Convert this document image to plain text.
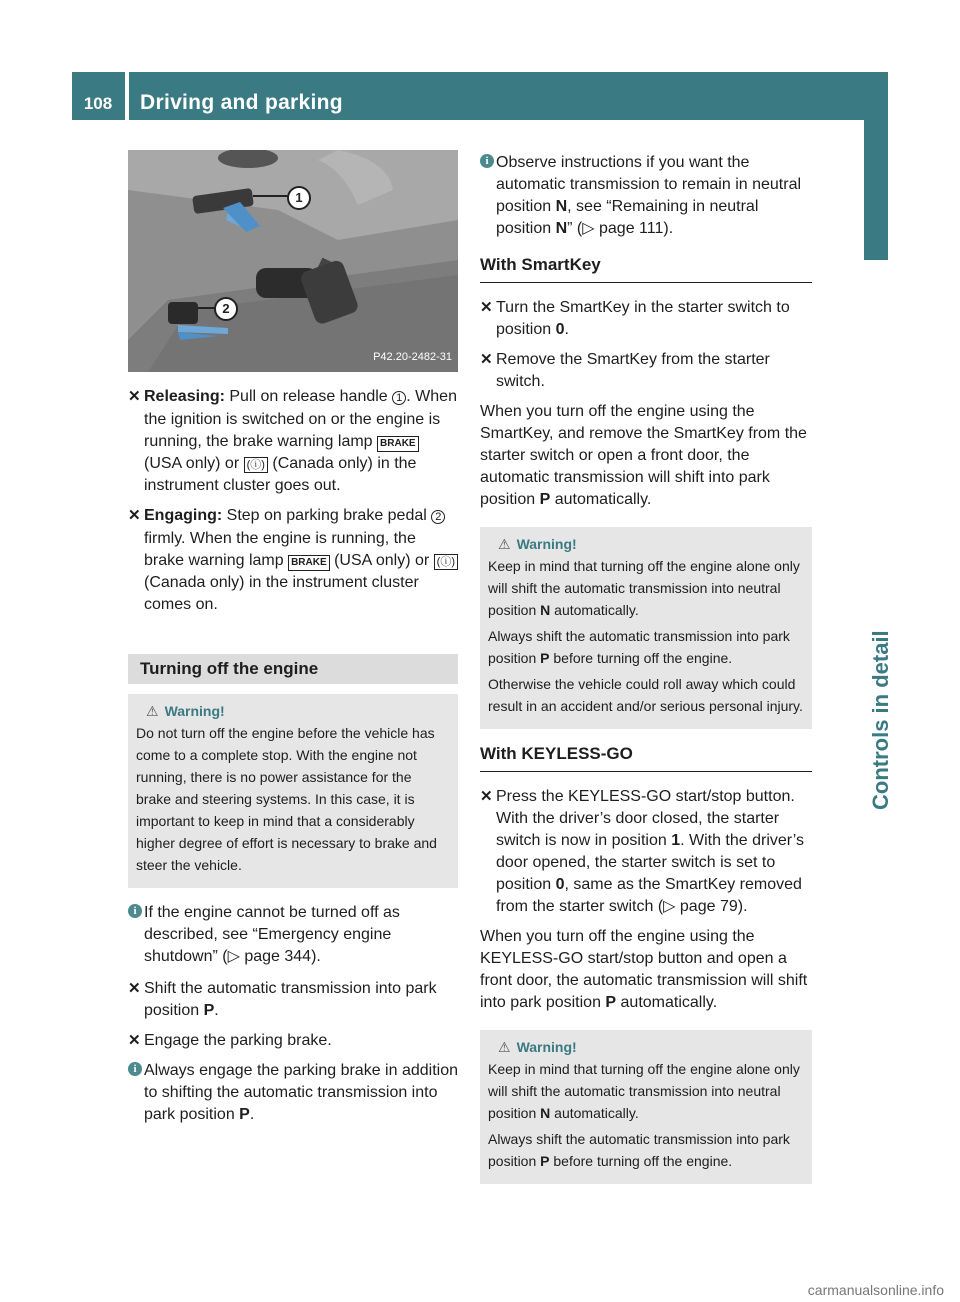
108	Driving and parking
Controls in detail
1
2
P42.20-2482-31
✕ Releasing: Pull on release handle 1 . When the ignition is switched on or the engine is running, the brake warning lamp BRAKE (USA only) or (ⓘ) (Canada only) in the instrument cluster goes out.
✕ Engaging: Step on parking brake pedal 2 firmly. When the engine is running, the brake warning lamp BRAKE (USA only) or (ⓘ) (Canada only) in the instrument cluster comes on.
Turning off the engine
⚠ Warning!

Do not turn off the engine before the vehicle has come to a complete stop. With the engine not running, there is no power assistance for the brake and steering systems. In this case, it is important to keep in mind that a considerably higher degree of effort is necessary to brake and steer the vehicle.

i If the engine cannot be turned off as described, see “Emergency engine shutdown” (▷ page 344).
✕ Shift the automatic transmission into park position P.
✕ Engage the parking brake.
i Always engage the parking brake in addition to shifting the automatic transmission into park position P.
i Observe instructions if you want the automatic transmission to remain in neutral position N, see “Remaining in neutral position N” (▷ page 111).
With SmartKey
✕ Turn the SmartKey in the starter switch to position 0.
✕ Remove the SmartKey from the starter switch.
When you turn off the engine using the SmartKey, and remove the SmartKey from the starter switch or open a front door, the automatic transmission will shift into park position P automatically.
⚠ Warning!

Keep in mind that turning off the engine alone only will shift the automatic transmission into neutral position N automatically.

Always shift the automatic transmission into park position P before turning off the engine.

Otherwise the vehicle could roll away which could result in an accident and/or serious personal injury.

With KEYLESS-GO
✕ Press the KEYLESS-GO start/stop button. With the driver’s door closed, the starter switch is now in position 1. With the driver’s door opened, the starter switch is set to position 0, same as the SmartKey removed from the starter switch (▷ page 79).
When you turn off the engine using the KEYLESS-GO start/stop button and open a front door, the automatic transmission will shift into park position P automatically.
⚠ Warning!

Keep in mind that turning off the engine alone only will shift the automatic transmission into neutral position N automatically.

Always shift the automatic transmission into park position P before turning off the engine.

carmanualsonline.info
